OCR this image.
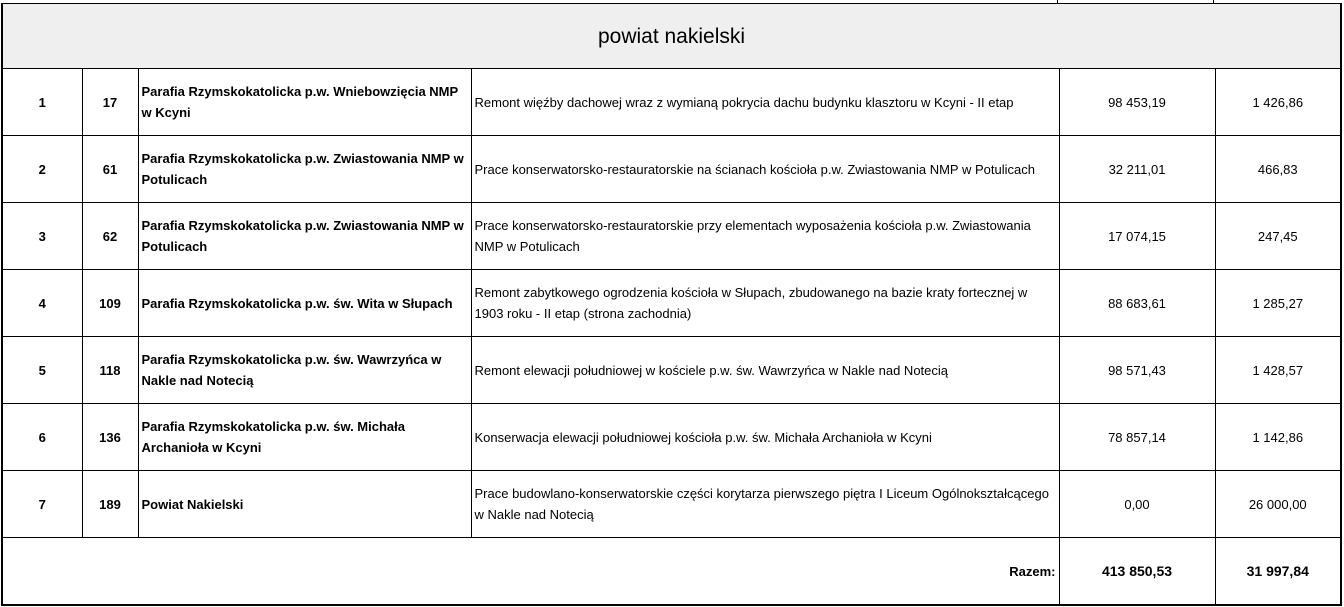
powiat nakielski					
1	17	Parafia Rzymskokatolicka p.w. Wniebowzięcia NMP w Kcyni	Remont więźby dachowej wraz z wymianą pokrycia dachu budynku klasztoru w Kcyni - II etap	98 453,19	1 426,86
2	61	Parafia Rzymskokatolicka p.w. Zwiastowania NMP w Potulicach	Prace konserwatorsko-restauratorskie na ścianach kościoła p.w. Zwiastowania NMP w Potulicach	32 211,01	466,83
3	62	Parafia Rzymskokatolicka p.w. Zwiastowania NMP w Potulicach	Prace konserwatorsko-restauratorskie przy elementach wyposażenia kościoła p.w. Zwiastowania NMP w Potulicach	17 074,15	247,45
4	109	Parafia Rzymskokatolicka p.w. św. Wita w Słupach	Remont zabytkowego ogrodzenia kościoła w Słupach, zbudowanego na bazie kraty fortecznej w 1903 roku - II etap (strona zachodnia)	88 683,61	1 285,27
5	118	Parafia Rzymskokatolicka p.w. św. Wawrzyńca w Nakle nad Notecią	Remont elewacji południowej w kościele p.w. św. Wawrzyńca w Nakle nad Notecią	98 571,43	1 428,57
6	136	Parafia Rzymskokatolicka p.w. św. Michała Archanioła w Kcyni	Konserwacja elewacji południowej kościoła p.w. św. Michała Archanioła w Kcyni	78 857,14	1 142,86
7	189	Powiat Nakielski	Prace budowlano-konserwatorskie części korytarza pierwszego piętra I Liceum Ogólnokształcącego w Nakle nad Notecią	0,00	26 000,00
Razem:				413 850,53	31 997,84
